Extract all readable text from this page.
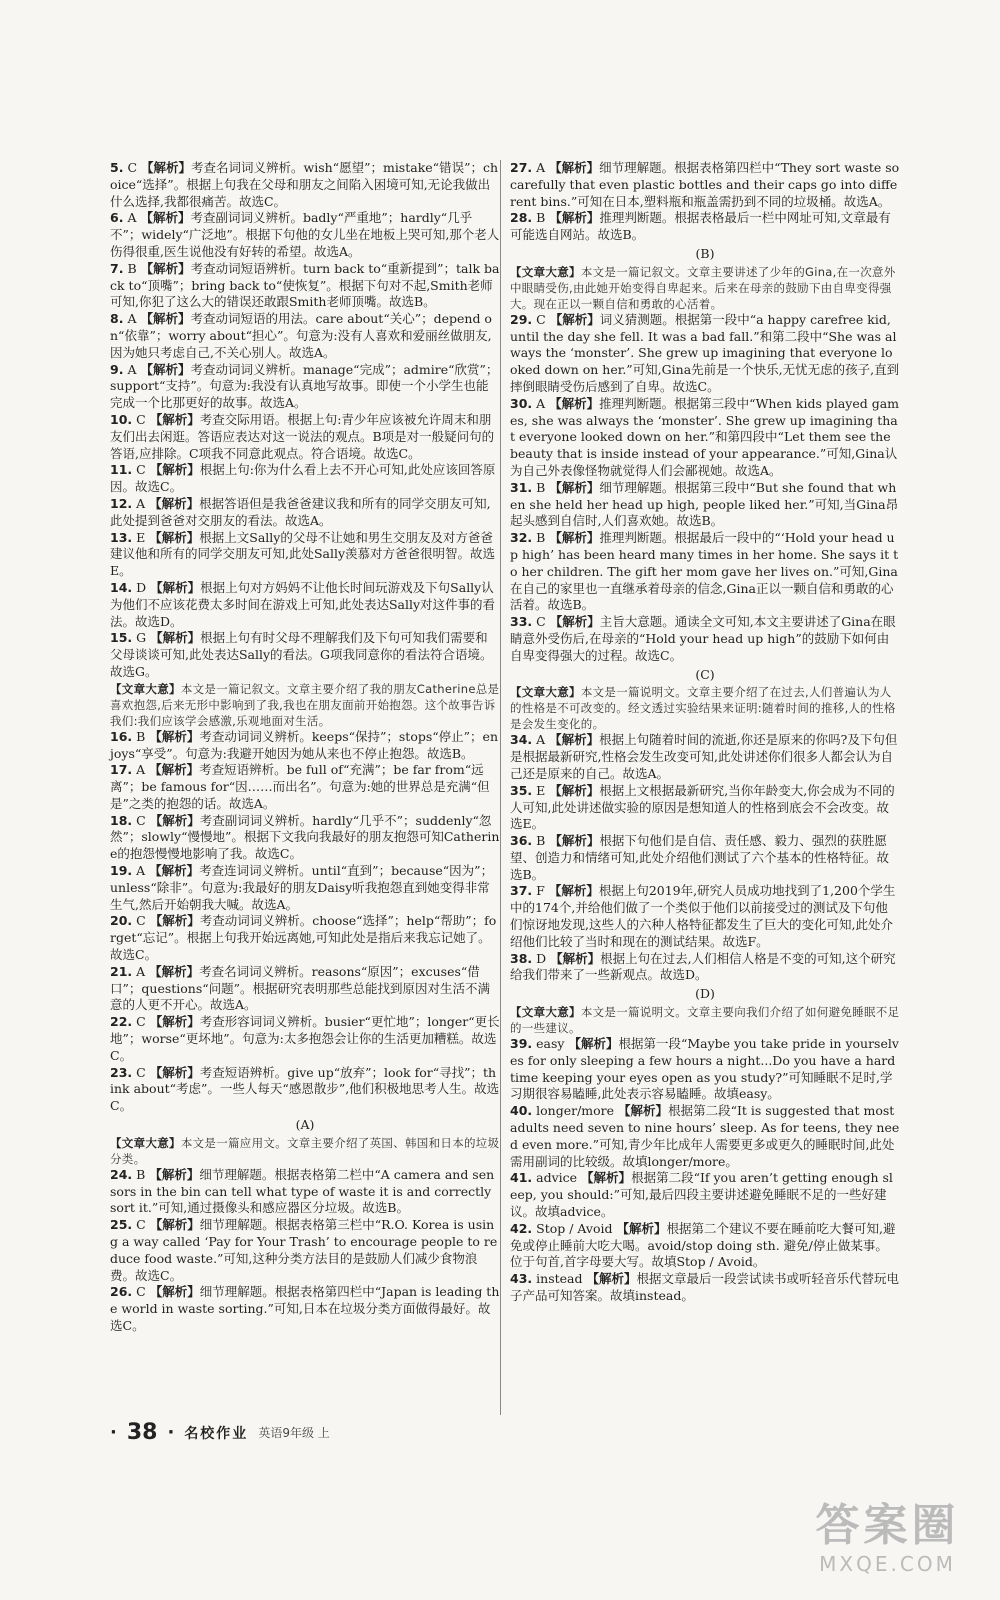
5. C 【解析】考查名词词义辨析。wish“愿望”；mistake“错误”；choice“选择”。根据上句我在父母和朋友之间陷入困境可知,无论我做出什么选择,我都很痛苦。故选C。

6. A 【解析】考查副词词义辨析。badly“严重地”；hardly“几乎不”；widely“广泛地”。根据下句他的女儿坐在地板上哭可知,那个老人伤得很重,医生说他没有好转的希望。故选A。

7. B 【解析】考查动词短语辨析。turn back to“重新提到”；talk back to“顶嘴”；bring back to“使恢复”。根据下句对不起,Smith老师可知,你犯了这么大的错误还敢跟Smith老师顶嘴。故选B。

8. A 【解析】考查动词短语的用法。care about“关心”；depend on“依靠”；worry about“担心”。句意为:没有人喜欢和爱丽丝做朋友,因为她只考虑自己,不关心别人。故选A。

9. A 【解析】考查动词词义辨析。manage“完成”；admire“欣赏”；support“支持”。句意为:我没有认真地写故事。即使一个小学生也能完成一个比那更好的故事。故选A。

10. C 【解析】考查交际用语。根据上句:青少年应该被允许周末和朋友们出去闲逛。答语应表达对这一说法的观点。B项是对一般疑问句的答语,应排除。C项我不同意此观点。符合语境。故选C。

11. C 【解析】根据上句:你为什么看上去不开心可知,此处应该回答原因。故选C。

12. A 【解析】根据答语但是我爸爸建议我和所有的同学交朋友可知,此处提到爸爸对交朋友的看法。故选A。

13. E 【解析】根据上文Sally的父母不让她和男生交朋友及对方爸爸建议他和所有的同学交朋友可知,此处Sally羡慕对方爸爸很明智。故选E。

14. D 【解析】根据上句对方妈妈不让他长时间玩游戏及下句Sally认为他们不应该花费太多时间在游戏上可知,此处表达Sally对这件事的看法。故选D。

15. G 【解析】根据上句有时父母不理解我们及下句可知我们需要和父母谈谈可知,此处表达Sally的看法。G项我同意你的看法符合语境。故选G。

【文章大意】本文是一篇记叙文。文章主要介绍了我的朋友Catherine总是喜欢抱怨,后来无形中影响到了我,我也在朋友面前开始抱怨。这个故事告诉我们:我们应该学会感激,乐观地面对生活。

16. B 【解析】考查动词词义辨析。keeps“保持”；stops“停止”；enjoys“享受”。句意为:我避开她因为她从来也不停止抱怨。故选B。

17. A 【解析】考查短语辨析。be full of“充满”；be far from“远离”；be famous for“因……而出名”。句意为:她的世界总是充满“但是”之类的抱怨的话。故选A。

18. C 【解析】考查副词词义辨析。hardly“几乎不”；suddenly“忽然”；slowly“慢慢地”。根据下文我向我最好的朋友抱怨可知Catherine的抱怨慢慢地影响了我。故选C。

19. A 【解析】考查连词词义辨析。until“直到”；because“因为”；unless“除非”。句意为:我最好的朋友Daisy听我抱怨直到她变得非常生气,然后开始朝我大喊。故选A。

20. C 【解析】考查动词词义辨析。choose“选择”；help“帮助”；forget“忘记”。根据上句我开始远离她,可知此处是指后来我忘记她了。故选C。

21. A 【解析】考查名词词义辨析。reasons“原因”；excuses“借口”；questions“问题”。根据研究表明那些总能找到原因对生活不满意的人更不开心。故选A。

22. C 【解析】考查形容词词义辨析。busier“更忙地”；longer“更长地”；worse“更坏地”。句意为:太多抱怨会让你的生活更加糟糕。故选C。

23. C 【解析】考查短语辨析。give up“放弃”；look for“寻找”；think about“考虑”。一些人每天“感恩散步”,他们积极地思考人生。故选C。

(A)

【文章大意】本文是一篇应用文。文章主要介绍了英国、韩国和日本的垃圾分类。

24. B 【解析】细节理解题。根据表格第二栏中“A camera and sensors in the bin can tell what type of waste it is and correctly sort it.”可知,通过摄像头和感应器区分垃圾。故选B。

25. C 【解析】细节理解题。根据表格第三栏中“R.O. Korea is using a way called ‘Pay for Your Trash’ to encourage people to reduce food waste.”可知,这种分类方法目的是鼓励人们减少食物浪费。故选C。

26. C 【解析】细节理解题。根据表格第四栏中“Japan is leading the world in waste sorting.”可知,日本在垃圾分类方面做得最好。故选C。

27. A 【解析】细节理解题。根据表格第四栏中“They sort waste so carefully that even plastic bottles and their caps go into different bins.”可知在日本,塑料瓶和瓶盖需扔到不同的垃圾桶。故选A。

28. B 【解析】推理判断题。根据表格最后一栏中网址可知,文章最有可能选自网站。故选B。

(B)

【文章大意】本文是一篇记叙文。文章主要讲述了少年的Gina,在一次意外中眼睛受伤,由此她开始变得自卑起来。后来在母亲的鼓励下由自卑变得强大。现在正以一颗自信和勇敢的心活着。

29. C 【解析】词义猜测题。根据第一段中“a happy carefree kid, until the day she fell. It was a bad fall.”和第二段中“She was always the ‘monster’. She grew up imagining that everyone looked down on her.”可知,Gina先前是一个快乐,无忧无虑的孩子,直到摔倒眼睛受伤后感到了自卑。故选C。

30. A 【解析】推理判断题。根据第三段中“When kids played games, she was always the ‘monster’. She grew up imagining that everyone looked down on her.”和第四段中“Let them see the beauty that is inside instead of your appearance.”可知,Gina认为自己外表像怪物就觉得人们会鄙视她。故选A。

31. B 【解析】细节理解题。根据第三段中“But she found that when she held her head up high, people liked her.”可知,当Gina昂起头感到自信时,人们喜欢她。故选B。

32. B 【解析】推理判断题。根据最后一段中的“‘Hold your head up high’ has been heard many times in her home. She says it to her children. The gift her mom gave her lives on.”可知,Gina在自己的家里也一直继承着母亲的信念,Gina正以一颗自信和勇敢的心活着。故选B。

33. C 【解析】主旨大意题。通读全文可知,本文主要讲述了Gina在眼睛意外受伤后,在母亲的“Hold your head up high”的鼓励下如何由自卑变得强大的过程。故选C。

(C)

【文章大意】本文是一篇说明文。文章主要介绍了在过去,人们普遍认为人的性格是不可改变的。经文透过实验结果来证明:随着时间的推移,人的性格是会发生变化的。

34. A 【解析】根据上句随着时间的流逝,你还是原来的你吗?及下句但是根据最新研究,性格会发生改变可知,此处讲述你们很多人都会认为自己还是原来的自己。故选A。

35. E 【解析】根据上文根据最新研究,当你年龄变大,你会成为不同的人可知,此处讲述做实验的原因是想知道人的性格到底会不会改变。故选E。

36. B 【解析】根据下句他们是自信、责任感、毅力、强烈的获胜愿望、创造力和情绪可知,此处介绍他们测试了六个基本的性格特征。故选B。

37. F 【解析】根据上句2019年,研究人员成功地找到了1,200个学生中的174个,并给他们做了一个类似于他们以前接受过的测试及下句他们惊讶地发现,这些人的六种人格特征都发生了巨大的变化可知,此处介绍他们比较了当时和现在的测试结果。故选F。

38. D 【解析】根据上句在过去,人们相信人格是不变的可知,这个研究给我们带来了一些新观点。故选D。

(D)

【文章大意】本文是一篇说明文。文章主要向我们介绍了如何避免睡眠不足的一些建议。

39. easy 【解析】根据第一段“Maybe you take pride in yourselves for only sleeping a few hours a night...Do you have a hard time keeping your eyes open as you study?”可知睡眠不足时,学习期很容易瞌睡,此处表示容易瞌睡。故填easy。

40. longer/more 【解析】根据第二段“It is suggested that most adults need seven to nine hours’ sleep. As for teens, they need even more.”可知,青少年比成年人需要更多或更久的睡眠时间,此处需用副词的比较级。故填longer/more。

41. advice 【解析】根据第二段“If you aren’t getting enough sleep, you should:”可知,最后四段主要讲述避免睡眠不足的一些好建议。故填advice。

42. Stop / Avoid 【解析】根据第二个建议不要在睡前吃大餐可知,避免或停止睡前大吃大喝。avoid/stop doing sth. 避免/停止做某事。位于句首,首字母要大写。故填Stop / Avoid。

43. instead 【解析】根据文章最后一段尝试读书或听轻音乐代替玩电子产品可知答案。故填instead。

· 38 · 名校作业 英语9年级 上
答案圈
MXQE.COM
